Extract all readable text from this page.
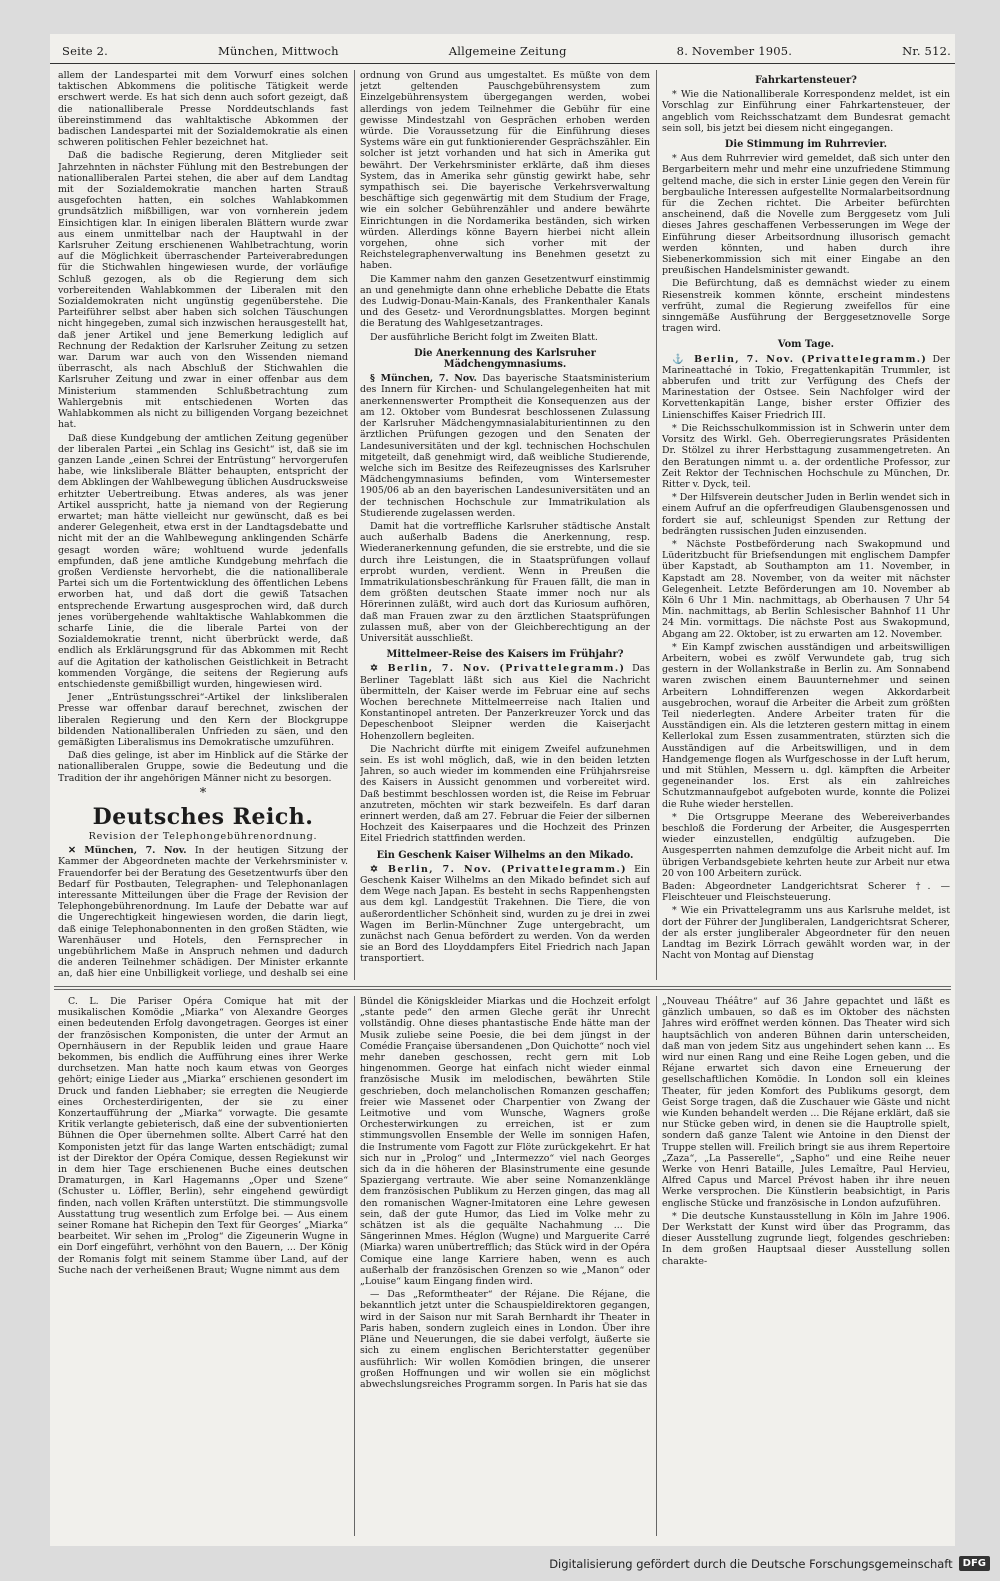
Seite 2.	München, Mittwoch	Allgemeine Zeitung	8. November 1905.	Nr. 512.

allem der Landespartei mit dem Vorwurf eines solchen taktischen Abkommens die politische Tätigkeit werde erschwert werde. Es hat sich denn auch sofort gezeigt, daß die nationalliberale Presse Norddeutschlands fast übereinstimmend das wahltaktische Abkommen der badischen Landespartei mit der Sozialdemokratie als einen schweren politischen Fehler bezeichnet hat.

Daß die badische Regierung, deren Mitglieder seit Jahrzehnten in nächster Fühlung mit den Bestrebungen der nationalliberalen Partei stehen, die aber auf dem Landtag mit der Sozialdemokratie manchen harten Strauß ausgefochten hatten, ein solches Wahlabkommen grundsätzlich mißbilligen, war von vornherein jedem Einsichtigen klar. In einigen liberalen Blättern wurde zwar aus einem unmittelbar nach der Hauptwahl in der Karlsruher Zeitung erschienenen Wahlbetrachtung, worin auf die Möglichkeit überraschender Parteiverabredungen für die Stichwahlen hingewiesen wurde, der vorläufige Schluß gezogen, als ob die Regierung dem sich vorbereitenden Wahlabkommen der Liberalen mit den Sozialdemokraten nicht ungünstig gegenüberstehe. Die Parteiführer selbst aber haben sich solchen Täuschungen nicht hingegeben, zumal sich inzwischen herausgestellt hat, daß jener Artikel und jene Bemerkung lediglich auf Rechnung der Redaktion der Karlsruher Zeitung zu setzen war. Darum war auch von den Wissenden niemand überrascht, als nach Abschluß der Stichwahlen die Karlsruher Zeitung und zwar in einer offenbar aus dem Ministerium stammenden Schlußbetrachtung zum Wahlergebnis mit entschiedenen Worten das Wahlabkommen als nicht zu billigenden Vorgang bezeichnet hat.

Daß diese Kundgebung der amtlichen Zeitung gegenüber der liberalen Partei „ein Schlag ins Gesicht“ ist, daß sie im ganzen Lande „einen Schrei der Entrüstung“ hervorgerufen habe, wie linksliberale Blätter behaupten, entspricht der dem Abklingen der Wahlbewegung üblichen Ausdrucksweise erhitzter Uebertreibung. Etwas anderes, als was jener Artikel ausspricht, hatte ja niemand von der Regierung erwartet; man hätte vielleicht nur gewünscht, daß es bei anderer Gelegenheit, etwa erst in der Landtagsdebatte und nicht mit der an die Wahlbewegung anklingenden Schärfe gesagt worden wäre; wohltuend wurde jedenfalls empfunden, daß jene amtliche Kundgebung mehrfach die großen Verdienste hervorhebt, die die nationalliberale Partei sich um die Fortentwicklung des öffentlichen Lebens erworben hat, und daß dort die gewiß Tatsachen entsprechende Erwartung ausgesprochen wird, daß durch jenes vorübergehende wahltaktische Wahlabkommen die scharfe Linie, die die liberale Partei von der Sozialdemokratie trennt, nicht überbrückt werde, daß endlich als Erklärungsgrund für das Abkommen mit Recht auf die Agitation der katholischen Geistlichkeit in Betracht kommenden Vorgänge, die seitens der Regierung aufs entschiedenste gemißbilligt wurden, hingewiesen wird.

Jener „Entrüstungsschrei“-Artikel der linksliberalen Presse war offenbar darauf berechnet, zwischen der liberalen Regierung und den Kern der Blockgruppe bildenden Nationalliberalen Unfrieden zu säen, und den gemäßigten Liberalismus ins Demokratische umzuführen.

Daß dies gelinge, ist aber im Hinblick auf die Stärke der nationalliberalen Gruppe, sowie die Bedeutung und die Tradition der ihr angehörigen Männer nicht zu besorgen.

*
Deutsches Reich.
Revision der Telephongebührenordnung.

✕ München, 7. Nov. In der heutigen Sitzung der Kammer der Abgeordneten machte der Verkehrsminister v. Frauendorfer bei der Beratung des Gesetzentwurfs über den Bedarf für Postbauten, Telegraphen- und Telephonanlagen interessante Mitteilungen über die Frage der Revision der Telephongebührenordnung. Im Laufe der Debatte war auf die Ungerechtigkeit hingewiesen worden, die darin liegt, daß einige Telephonabonnenten in den großen Städten, wie Warenhäuser und Hotels, den Fernsprecher in ungebührlichem Maße in Anspruch nehmen und dadurch die anderen Teilnehmer schädigen. Der Minister erkannte an, daß hier eine Unbilligkeit vorliege, und deshalb sei eine

ordnung von Grund aus umgestaltet. Es müßte von dem jetzt geltenden Pauschgebührensystem zum Einzelgebührensystem übergegangen werden, wobei allerdings von jedem Teilnehmer die Gebühr für eine gewisse Mindestzahl von Gesprächen erhoben werden würde. Die Voraussetzung für die Einführung dieses Systems wäre ein gut funktionierender Gesprächszähler. Ein solcher ist jetzt vorhanden und hat sich in Amerika gut bewährt. Der Verkehrsminister erklärte, daß ihm dieses System, das in Amerika sehr günstig gewirkt habe, sehr sympathisch sei. Die bayerische Verkehrsverwaltung beschäftige sich gegenwärtig mit dem Studium der Frage, wie ein solcher Gebührenzähler und andere bewährte Einrichtungen in die Nordamerika beständen, sich wirken würden. Allerdings könne Bayern hierbei nicht allein vorgehen, ohne sich vorher mit der Reichstelegraphenverwaltung ins Benehmen gesetzt zu haben.

Die Kammer nahm den ganzen Gesetzentwurf einstimmig an und genehmigte dann ohne erhebliche Debatte die Etats des Ludwig-Donau-Main-Kanals, des Frankenthaler Kanals und des Gesetz- und Verordnungsblattes. Morgen beginnt die Beratung des Wahlgesetzantrages.

Der ausführliche Bericht folgt im Zweiten Blatt.

Die Anerkennung des Karlsruher Mädchengymnasiums.

§ München, 7. Nov. Das bayerische Staatsministerium des Innern für Kirchen- und Schulangelegenheiten hat mit anerkennenswerter Promptheit die Konsequenzen aus der am 12. Oktober vom Bundesrat beschlossenen Zulassung der Karlsruher Mädchengymnasialabiturientinnen zu den ärztlichen Prüfungen gezogen und den Senaten der Landesuniversitäten und der kgl. technischen Hochschulen mitgeteilt, daß genehmigt wird, daß weibliche Studierende, welche sich im Besitze des Reifezeugnisses des Karlsruher Mädchengymnasiums befinden, vom Wintersemester 1905/06 ab an den bayerischen Landesuniversitäten und an der technischen Hochschule zur Immatrikulation als Studierende zugelassen werden.

Damit hat die vortreffliche Karlsruher städtische Anstalt auch außerhalb Badens die Anerkennung, resp. Wiederanerkennung gefunden, die sie erstrebte, und die sie durch ihre Leistungen, die in Staatsprüfungen vollauf erprobt wurden, verdient. Wenn in Preußen die Immatrikulationsbeschränkung für Frauen fällt, die man in dem größten deutschen Staate immer noch nur als Hörerinnen zuläßt, wird auch dort das Kuriosum aufhören, daß man Frauen zwar zu den ärztlichen Staatsprüfungen zulassen muß, aber von der Gleichberechtigung an der Universität ausschließt.

Mittelmeer-Reise des Kaisers im Frühjahr?

✡ Berlin, 7. Nov. (Privattelegramm.) Das Berliner Tageblatt läßt sich aus Kiel die Nachricht übermitteln, der Kaiser werde im Februar eine auf sechs Wochen berechnete Mittelmeerreise nach Italien und Konstantinopel antreten. Der Panzerkreuzer Yorck und das Depeschenboot Sleipner werden die Kaiserjacht Hohenzollern begleiten.

Die Nachricht dürfte mit einigem Zweifel aufzunehmen sein. Es ist wohl möglich, daß, wie in den beiden letzten Jahren, so auch wieder im kommenden eine Frühjahrsreise des Kaisers in Aussicht genommen und vorbereitet wird. Daß bestimmt beschlossen worden ist, die Reise im Februar anzutreten, möchten wir stark bezweifeln. Es darf daran erinnert werden, daß am 27. Februar die Feier der silbernen Hochzeit des Kaiserpaares und die Hochzeit des Prinzen Eitel Friedrich stattfinden werden.

Ein Geschenk Kaiser Wilhelms an den Mikado.

✡ Berlin, 7. Nov. (Privattelegramm.) Ein Geschenk Kaiser Wilhelms an den Mikado befindet sich auf dem Wege nach Japan. Es besteht in sechs Rappenhengsten aus dem kgl. Landgestüt Trakehnen. Die Tiere, die von außerordentlicher Schönheit sind, wurden zu je drei in zwei Wagen im Berlin-Münchner Zuge untergebracht, um zunächst nach Genua befördert zu werden. Von da werden sie an Bord des Lloyddampfers Eitel Friedrich nach Japan transportiert.

Fahrkartensteuer?

* Wie die Nationalliberale Korrespondenz meldet, ist ein Vorschlag zur Einführung einer Fahrkartensteuer, der angeblich vom Reichsschatzamt dem Bundesrat gemacht sein soll, bis jetzt bei diesem nicht eingegangen.

Die Stimmung im Ruhrrevier.

* Aus dem Ruhrrevier wird gemeldet, daß sich unter den Bergarbeitern mehr und mehr eine unzufriedene Stimmung geltend mache, die sich in erster Linie gegen den Verein für bergbauliche Interessen aufgestellte Normalarbeitsordnung für die Zechen richtet. Die Arbeiter befürchten anscheinend, daß die Novelle zum Berggesetz vom Juli dieses Jahres geschaffenen Verbesserungen im Wege der Einführung dieser Arbeitsordnung illusorisch gemacht werden könnten, und haben durch ihre Siebenerkommission sich mit einer Eingabe an den preußischen Handelsminister gewandt.

Die Befürchtung, daß es demnächst wieder zu einem Riesenstreik kommen könnte, erscheint mindestens verfrüht, zumal die Regierung zweifellos für eine sinngemäße Ausführung der Berggesetznovelle Sorge tragen wird.

Vom Tage.

⚓ Berlin, 7. Nov. (Privattelegramm.) Der Marineattaché in Tokio, Fregattenkapitän Trummler, ist abberufen und tritt zur Verfügung des Chefs der Marinestation der Ostsee. Sein Nachfolger wird der Korvettenkapitän Lange, bisher erster Offizier des Linienschiffes Kaiser Friedrich III.

* Die Reichsschulkommission ist in Schwerin unter dem Vorsitz des Wirkl. Geh. Oberregierungsrates Präsidenten Dr. Stölzel zu ihrer Herbsttagung zusammengetreten. An den Beratungen nimmt u. a. der ordentliche Professor, zur Zeit Rektor der Technischen Hochschule zu München, Dr. Ritter v. Dyck, teil.

* Der Hilfsverein deutscher Juden in Berlin wendet sich in einem Aufruf an die opferfreudigen Glaubensgenossen und fordert sie auf, schleunigst Spenden zur Rettung der bedrängten russischen Juden einzusenden.

* Nächste Postbeförderung nach Swakopmund und Lüderitzbucht für Briefsendungen mit englischem Dampfer über Kapstadt, ab Southampton am 11. November, in Kapstadt am 28. November, von da weiter mit nächster Gelegenheit. Letzte Beförderungen am 10. November ab Köln 6 Uhr 1 Min. nachmittags, ab Oberhausen 7 Uhr 54 Min. nachmittags, ab Berlin Schlesischer Bahnhof 11 Uhr 24 Min. vormittags. Die nächste Post aus Swakopmund, Abgang am 22. Oktober, ist zu erwarten am 12. November.

* Ein Kampf zwischen ausständigen und arbeitswilligen Arbeitern, wobei es zwölf Verwundete gab, trug sich gestern in der Wollankstraße in Berlin zu. Am Sonnabend waren zwischen einem Bauunternehmer und seinen Arbeitern Lohndifferenzen wegen Akkordarbeit ausgebrochen, worauf die Arbeiter die Arbeit zum größten Teil niederlegten. Andere Arbeiter traten für die Ausständigen ein. Als die letzteren gestern mittag in einem Kellerlokal zum Essen zusammentraten, stürzten sich die Ausständigen auf die Arbeitswilligen, und in dem Handgemenge flogen als Wurfgeschosse in der Luft herum, und mit Stühlen, Messern u. dgl. kämpften die Arbeiter gegeneinander los. Erst als ein zahlreiches Schutzmannaufgebot aufgeboten wurde, konnte die Polizei die Ruhe wieder herstellen.

* Die Ortsgruppe Meerane des Webereiverbandes beschloß die Forderung der Arbeiter, die Ausgesperrten wieder einzustellen, endgültig aufzugeben. Die Ausgesperrten nahmen demzufolge die Arbeit nicht auf. Im übrigen Verbandsgebiete kehrten heute zur Arbeit nur etwa 20 von 100 Arbeitern zurück.

Baden: Abgeordneter Landgerichtsrat Scherer †. — Fleischteuer und Fleischsteuerung.

* Wie ein Privattelegramm uns aus Karlsruhe meldet, ist dort der Führer der Jungliberalen, Landgerichtsrat Scherer, der als erster jungliberaler Abgeordneter für den neuen Landtag im Bezirk Lörrach gewählt worden war, in der Nacht von Montag auf Dienstag

C. L. Die Pariser Opéra Comique hat mit der musikalischen Komödie „Miarka“ von Alexandre Georges einen bedeutenden Erfolg davongetragen. Georges ist einer der französischen Komponisten, die unter der Armut an Opernhäusern in der Republik leiden und graue Haare bekommen, bis endlich die Aufführung eines ihrer Werke durchsetzen. Man hatte noch kaum etwas von Georges gehört; einige Lieder aus „Miarka“ erschienen gesondert im Druck und fanden Liebhaber; sie erregten die Neugierde eines Orchesterdirigenten, der sie zu einer Konzertaufführung der „Miarka“ vorwagte. Die gesamte Kritik verlangte gebieterisch, daß eine der subventionierten Bühnen die Oper übernehmen sollte. Albert Carré hat den Komponisten jetzt für das lange Warten entschädigt; zumal ist der Direktor der Opéra Comique, dessen Regiekunst wir in dem hier Tage erschienenen Buche eines deutschen Dramaturgen, in Karl Hagemanns „Oper und Szene“ (Schuster u. Löffler, Berlin), sehr eingehend gewürdigt finden, nach vollen Kräften unterstützt. Die stimmungsvolle Ausstattung trug wesentlich zum Erfolge bei. — Aus einem seiner Romane hat Richepin den Text für Georges’ „Miarka“ bearbeitet. Wir sehen im „Prolog“ die Zigeunerin Wugne in ein Dorf eingeführt, verhöhnt von den Bauern, ... Der König der Romanis folgt mit seinem Stamme über Land, auf der Suche nach der verheißenen Braut; Wugne nimmt aus dem

Bündel die Königskleider Miarkas und die Hochzeit erfolgt „stante pede“ den armen Gleche gerät ihr Unrecht vollständig. Ohne dieses phantastische Ende hätte man der Musik zuliebe seine Poesie, die bei dem jüngst in der Comédie Française übersandenen „Don Quichotte“ noch viel mehr daneben geschossen, recht gern mit Lob hingenommen. George hat einfach nicht wieder einmal französische Musik im melodischen, bewährten Stile geschrieben, doch melancholischen Romanzen geschaffen; freier wie Massenet oder Charpentier von Zwang der Leitmotive und vom Wunsche, Wagners große Orchesterwirkungen zu erreichen, ist er zum stimmungsvollen Ensemble der Welle im sonnigen Hafen, die Instrumente vom Fagott zur Flöte zurückgekehrt. Er hat sich nur in „Prolog“ und „Intermezzo“ viel nach Georges sich da in die höheren der Blasinstrumente eine gesunde Spaziergang vertraute. Wie aber seine Nomanzenklänge dem französischen Publikum zu Herzen gingen, das mag all den romanischen Wagner-Imitatoren eine Lehre gewesen sein, daß der gute Humor, das Lied im Volke mehr zu schätzen ist als die gequälte Nachahmung ... Die Sängerinnen Mmes. Héglon (Wugne) und Marguerite Carré (Miarka) waren unübertrefflich; das Stück wird in der Opéra Comique eine lange Karriere haben, wenn es auch außerhalb der französischen Grenzen so wie „Manon“ oder „Louise“ kaum Eingang finden wird.

— Das „Reformtheater“ der Réjane. Die Réjane, die bekanntlich jetzt unter die Schauspieldirektoren gegangen, wird in der Saison nur mit Sarah Bernhardt ihr Theater in Paris haben, sondern zugleich eines in London. Über ihre Pläne und Neuerungen, die sie dabei verfolgt, äußerte sie sich zu einem englischen Berichterstatter gegenüber ausführlich: Wir wollen Komödien bringen, die unserer großen Hoffnungen und wir wollen sie ein möglichst abwechslungsreiches Programm sorgen. In Paris hat sie das

„Nouveau Théâtre“ auf 36 Jahre gepachtet und läßt es gänzlich umbauen, so daß es im Oktober des nächsten Jahres wird eröffnet werden können. Das Theater wird sich hauptsächlich von anderen Bühnen darin unterscheiden, daß man von jedem Sitz aus ungehindert sehen kann ... Es wird nur einen Rang und eine Reihe Logen geben, und die Réjane erwartet sich davon eine Erneuerung der gesellschaftlichen Komödie. In London soll ein kleines Theater, für jeden Komfort des Publikums gesorgt, dem Geist Sorge tragen, daß die Zuschauer wie Gäste und nicht wie Kunden behandelt werden ... Die Réjane erklärt, daß sie nur Stücke geben wird, in denen sie die Hauptrolle spielt, sondern daß ganze Talent wie Antoine in den Dienst der Truppe stellen will. Freilich bringt sie aus ihrem Repertoire „Zaza“, „La Passerelle“, „Sapho“ und eine Reihe neuer Werke von Henri Bataille, Jules Lemaître, Paul Hervieu, Alfred Capus und Marcel Prévost haben ihr ihre neuen Werke versprochen. Die Künstlerin beabsichtigt, in Paris englische Stücke und französische in London aufzuführen.

* Die deutsche Kunstausstellung in Köln im Jahre 1906. Der Werkstatt der Kunst wird über das Programm, das dieser Ausstellung zugrunde liegt, folgendes geschrieben: In dem großen Hauptsaal dieser Ausstellung sollen charakte-

Digitalisierung gefördert durch die Deutsche Forschungsgemeinschaft	DFG
